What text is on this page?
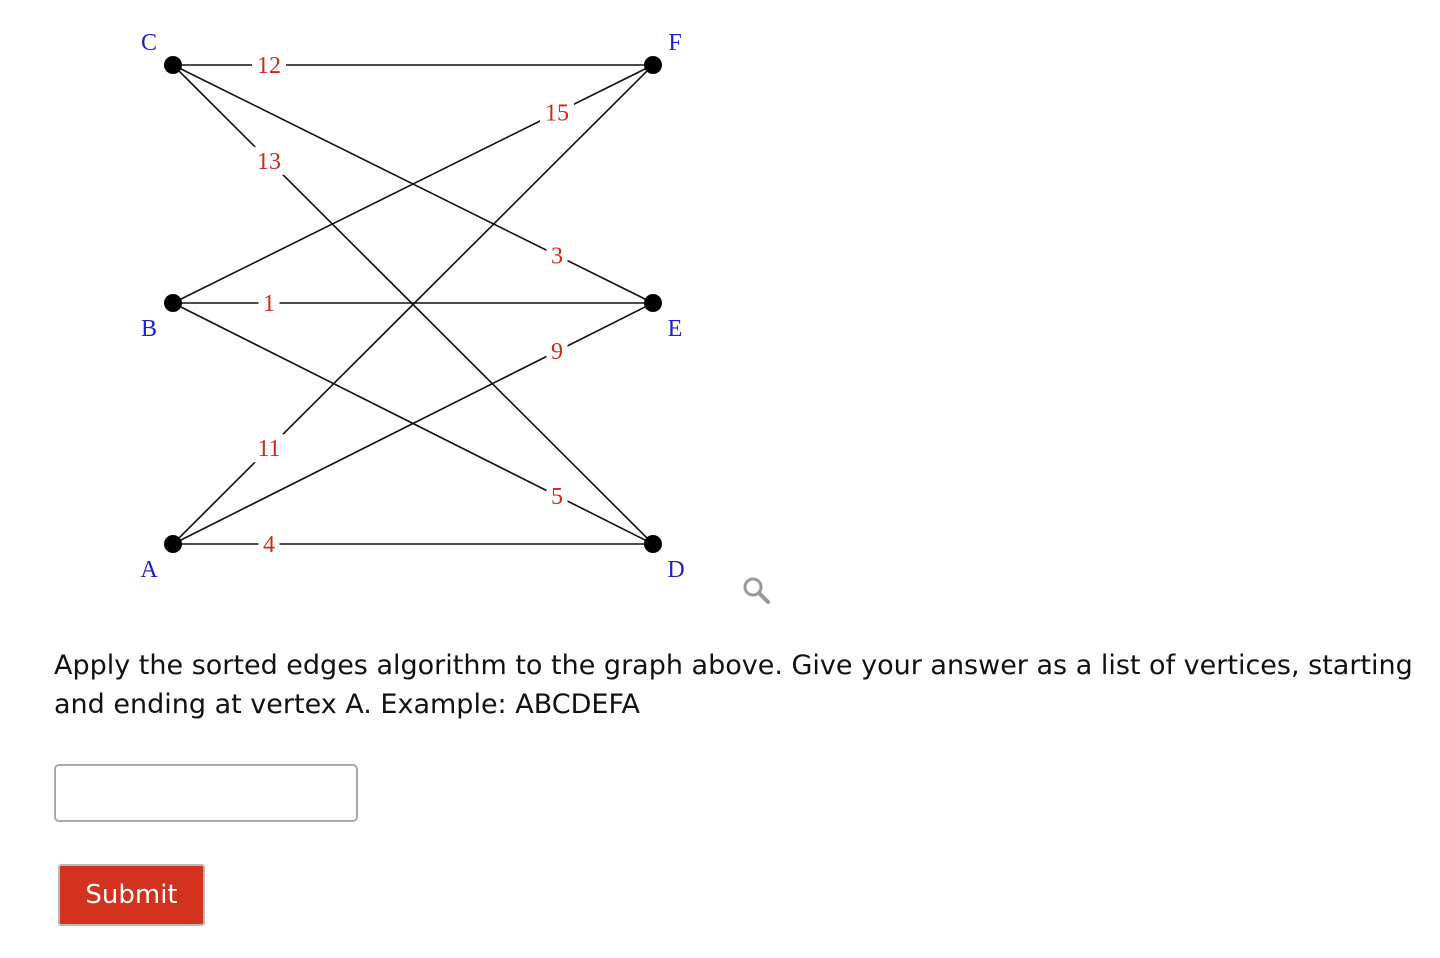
12
13
3
15
1
5
11
9
4
C	F
B	E
A	D
Apply the sorted edges algorithm to the graph above. Give your answer as a list of vertices, starting and ending at vertex A. Example: ABCDEFA
Submit
